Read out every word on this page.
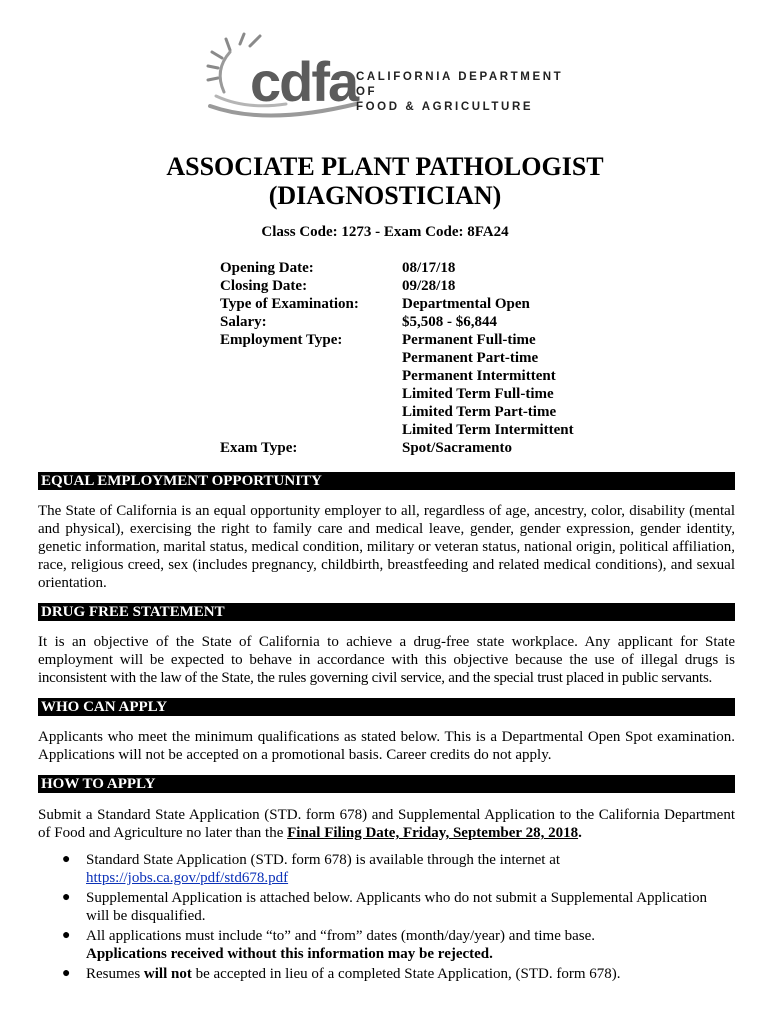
cdfa
CALIFORNIA DEPARTMENT OF
FOOD & AGRICULTURE
ASSOCIATE PLANT PATHOLOGIST
(DIAGNOSTICIAN)
Class Code: 1273 - Exam Code: 8FA24
Opening Date:	08/17/18
Closing Date:	09/28/18
Type of Examination:	Departmental Open
Salary:	$5,508 - $6,844
Employment Type:	Permanent Full-time
Permanent Part-time
Permanent Intermittent
Limited Term Full-time
Limited Term Part-time
Limited Term Intermittent
Exam Type:	Spot/Sacramento
EQUAL EMPLOYMENT OPPORTUNITY
The State of California is an equal opportunity employer to all, regardless of age, ancestry, color, disability (mental
and physical), exercising the right to family care and medical leave, gender, gender expression, gender identity,
genetic information, marital status, medical condition, military or veteran status, national origin, political affiliation,
race, religious creed, sex (includes pregnancy, childbirth, breastfeeding and related medical conditions), and sexual
orientation.
DRUG FREE STATEMENT
It is an objective of the State of California to achieve a drug-free state workplace. Any applicant for State
employment will be expected to behave in accordance with this objective because the use of illegal drugs is
inconsistent with the law of the State, the rules governing civil service, and the special trust placed in public servants.
WHO CAN APPLY
Applicants who meet the minimum qualifications as stated below. This is a Departmental Open Spot examination.
Applications will not be accepted on a promotional basis. Career credits do not apply.
HOW TO APPLY
Submit a Standard State Application (STD. form 678) and Supplemental Application to the California Department
of Food and Agriculture no later than the Final Filing Date, Friday, September 28, 2018.
● Standard State Application (STD. form 678) is available through the internet at
https://jobs.ca.gov/pdf/std678.pdf
● Supplemental Application is attached below. Applicants who do not submit a Supplemental Application
will be disqualified.
● All applications must include “to” and “from” dates (month/day/year) and time base.
Applications received without this information may be rejected.
● Resumes will not be accepted in lieu of a completed State Application, (STD. form 678).
